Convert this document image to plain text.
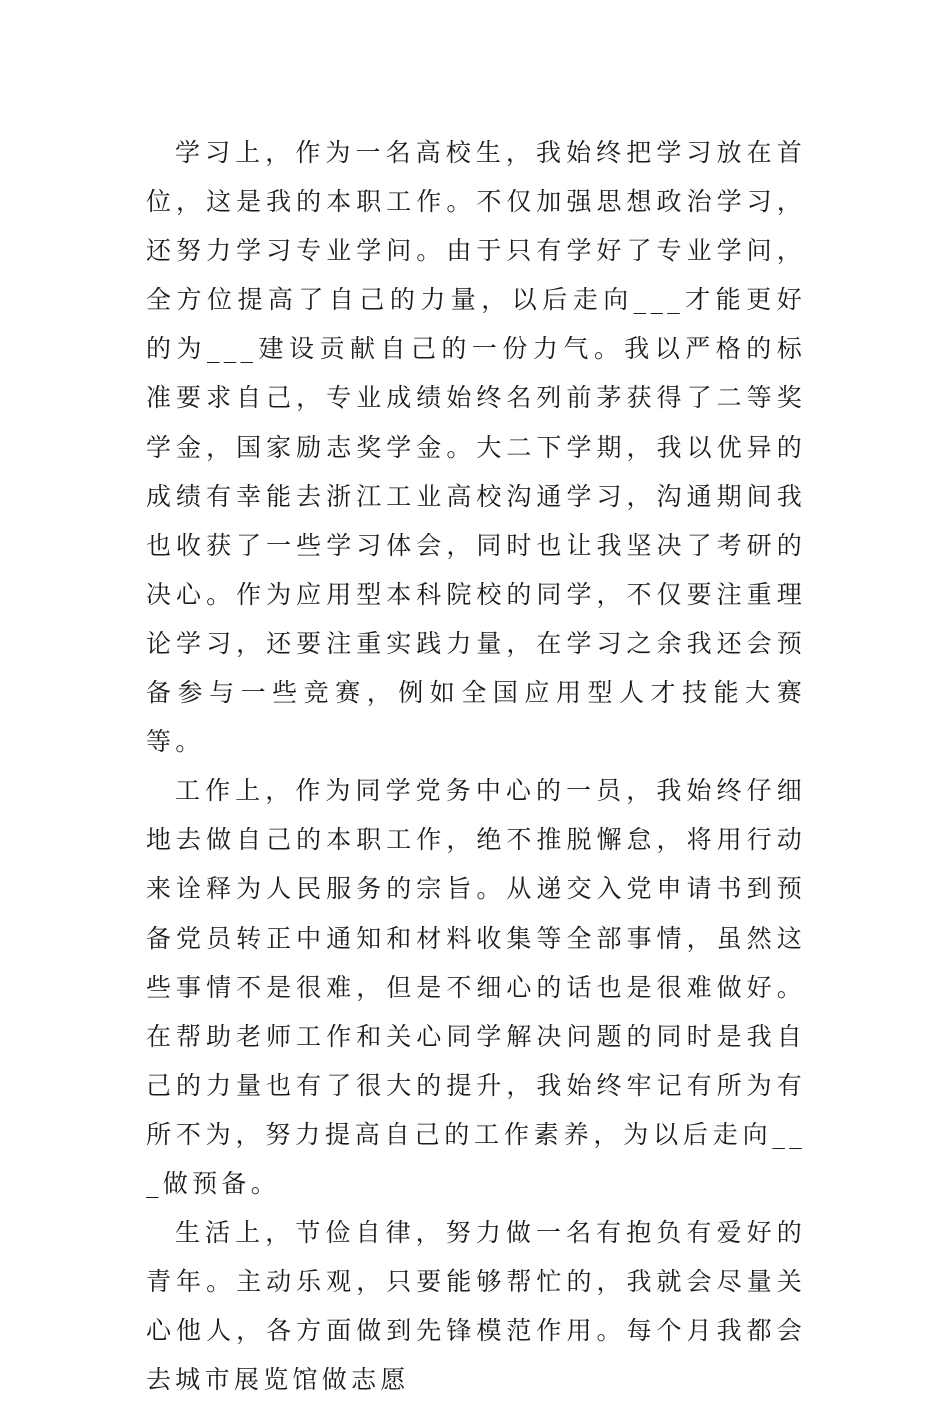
学习上，作为一名高校生，我始终把学习放在首位，这是我的本职工作。不仅加强思想政治学习，还努力学习专业学问。由于只有学好了专业学问，全方位提高了自己的力量，以后走向___才能更好的为___建设贡献自己的一份力气。我以严格的标准要求自己，专业成绩始终名列前茅获得了二等奖学金，国家励志奖学金。大二下学期，我以优异的成绩有幸能去浙江工业高校沟通学习，沟通期间我也收获了一些学习体会，同时也让我坚决了考研的决心。作为应用型本科院校的同学，不仅要注重理论学习，还要注重实践力量，在学习之余我还会预备参与一些竞赛，例如全国应用型人才技能大赛等。

工作上，作为同学党务中心的一员，我始终仔细地去做自己的本职工作，绝不推脱懈怠，将用行动来诠释为人民服务的宗旨。从递交入党申请书到预备党员转正中通知和材料收集等全部事情，虽然这些事情不是很难，但是不细心的话也是很难做好。在帮助老师工作和关心同学解决问题的同时是我自己的力量也有了很大的提升，我始终牢记有所为有所不为，努力提高自己的工作素养，为以后走向___做预备。

生活上，节俭自律，努力做一名有抱负有爱好的青年。主动乐观，只要能够帮忙的，我就会尽量关心他人，各方面做到先锋模范作用。每个月我都会去城市展览馆做志愿
